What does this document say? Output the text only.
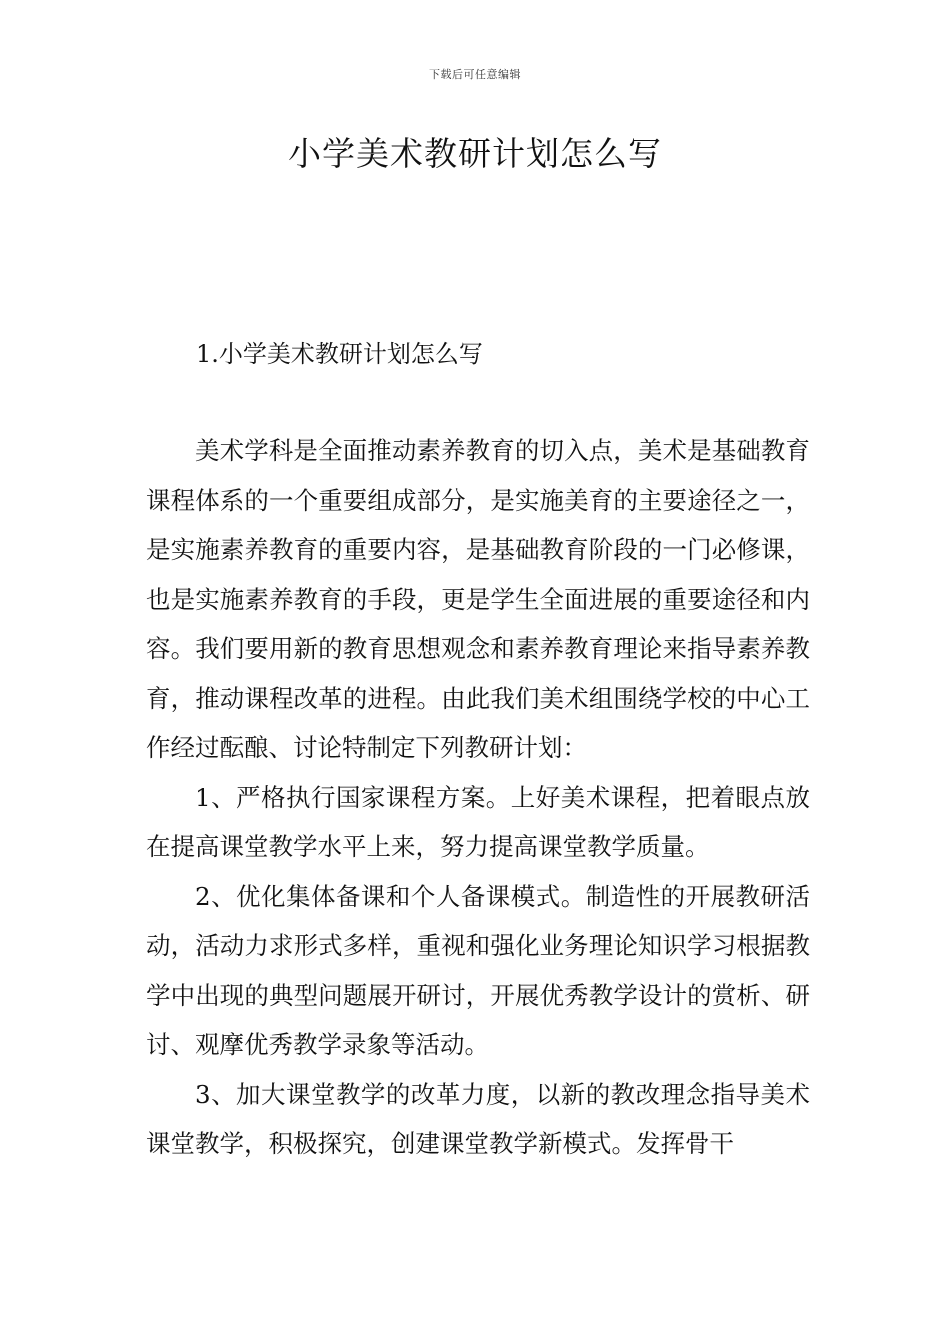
下载后可任意编辑
小学美术教研计划怎么写
1.小学美术教研计划怎么写

美术学科是全面推动素养教育的切入点，美术是基础教育课程体系的一个重要组成部分，是实施美育的主要途径之一，是实施素养教育的重要内容，是基础教育阶段的一门必修课，也是实施素养教育的手段，更是学生全面进展的重要途径和内容。我们要用新的教育思想观念和素养教育理论来指导素养教育，推动课程改革的进程。由此我们美术组围绕学校的中心工作经过酝酿、讨论特制定下列教研计划：

1、严格执行国家课程方案。上好美术课程，把着眼点放在提高课堂教学水平上来，努力提高课堂教学质量。

2、优化集体备课和个人备课模式。制造性的开展教研活动，活动力求形式多样，重视和强化业务理论知识学习根据教学中出现的典型问题展开研讨，开展优秀教学设计的赏析、研讨、观摩优秀教学录象等活动。

3、加大课堂教学的改革力度，以新的教改理念指导美术课堂教学，积极探究，创建课堂教学新模式。发挥骨干
